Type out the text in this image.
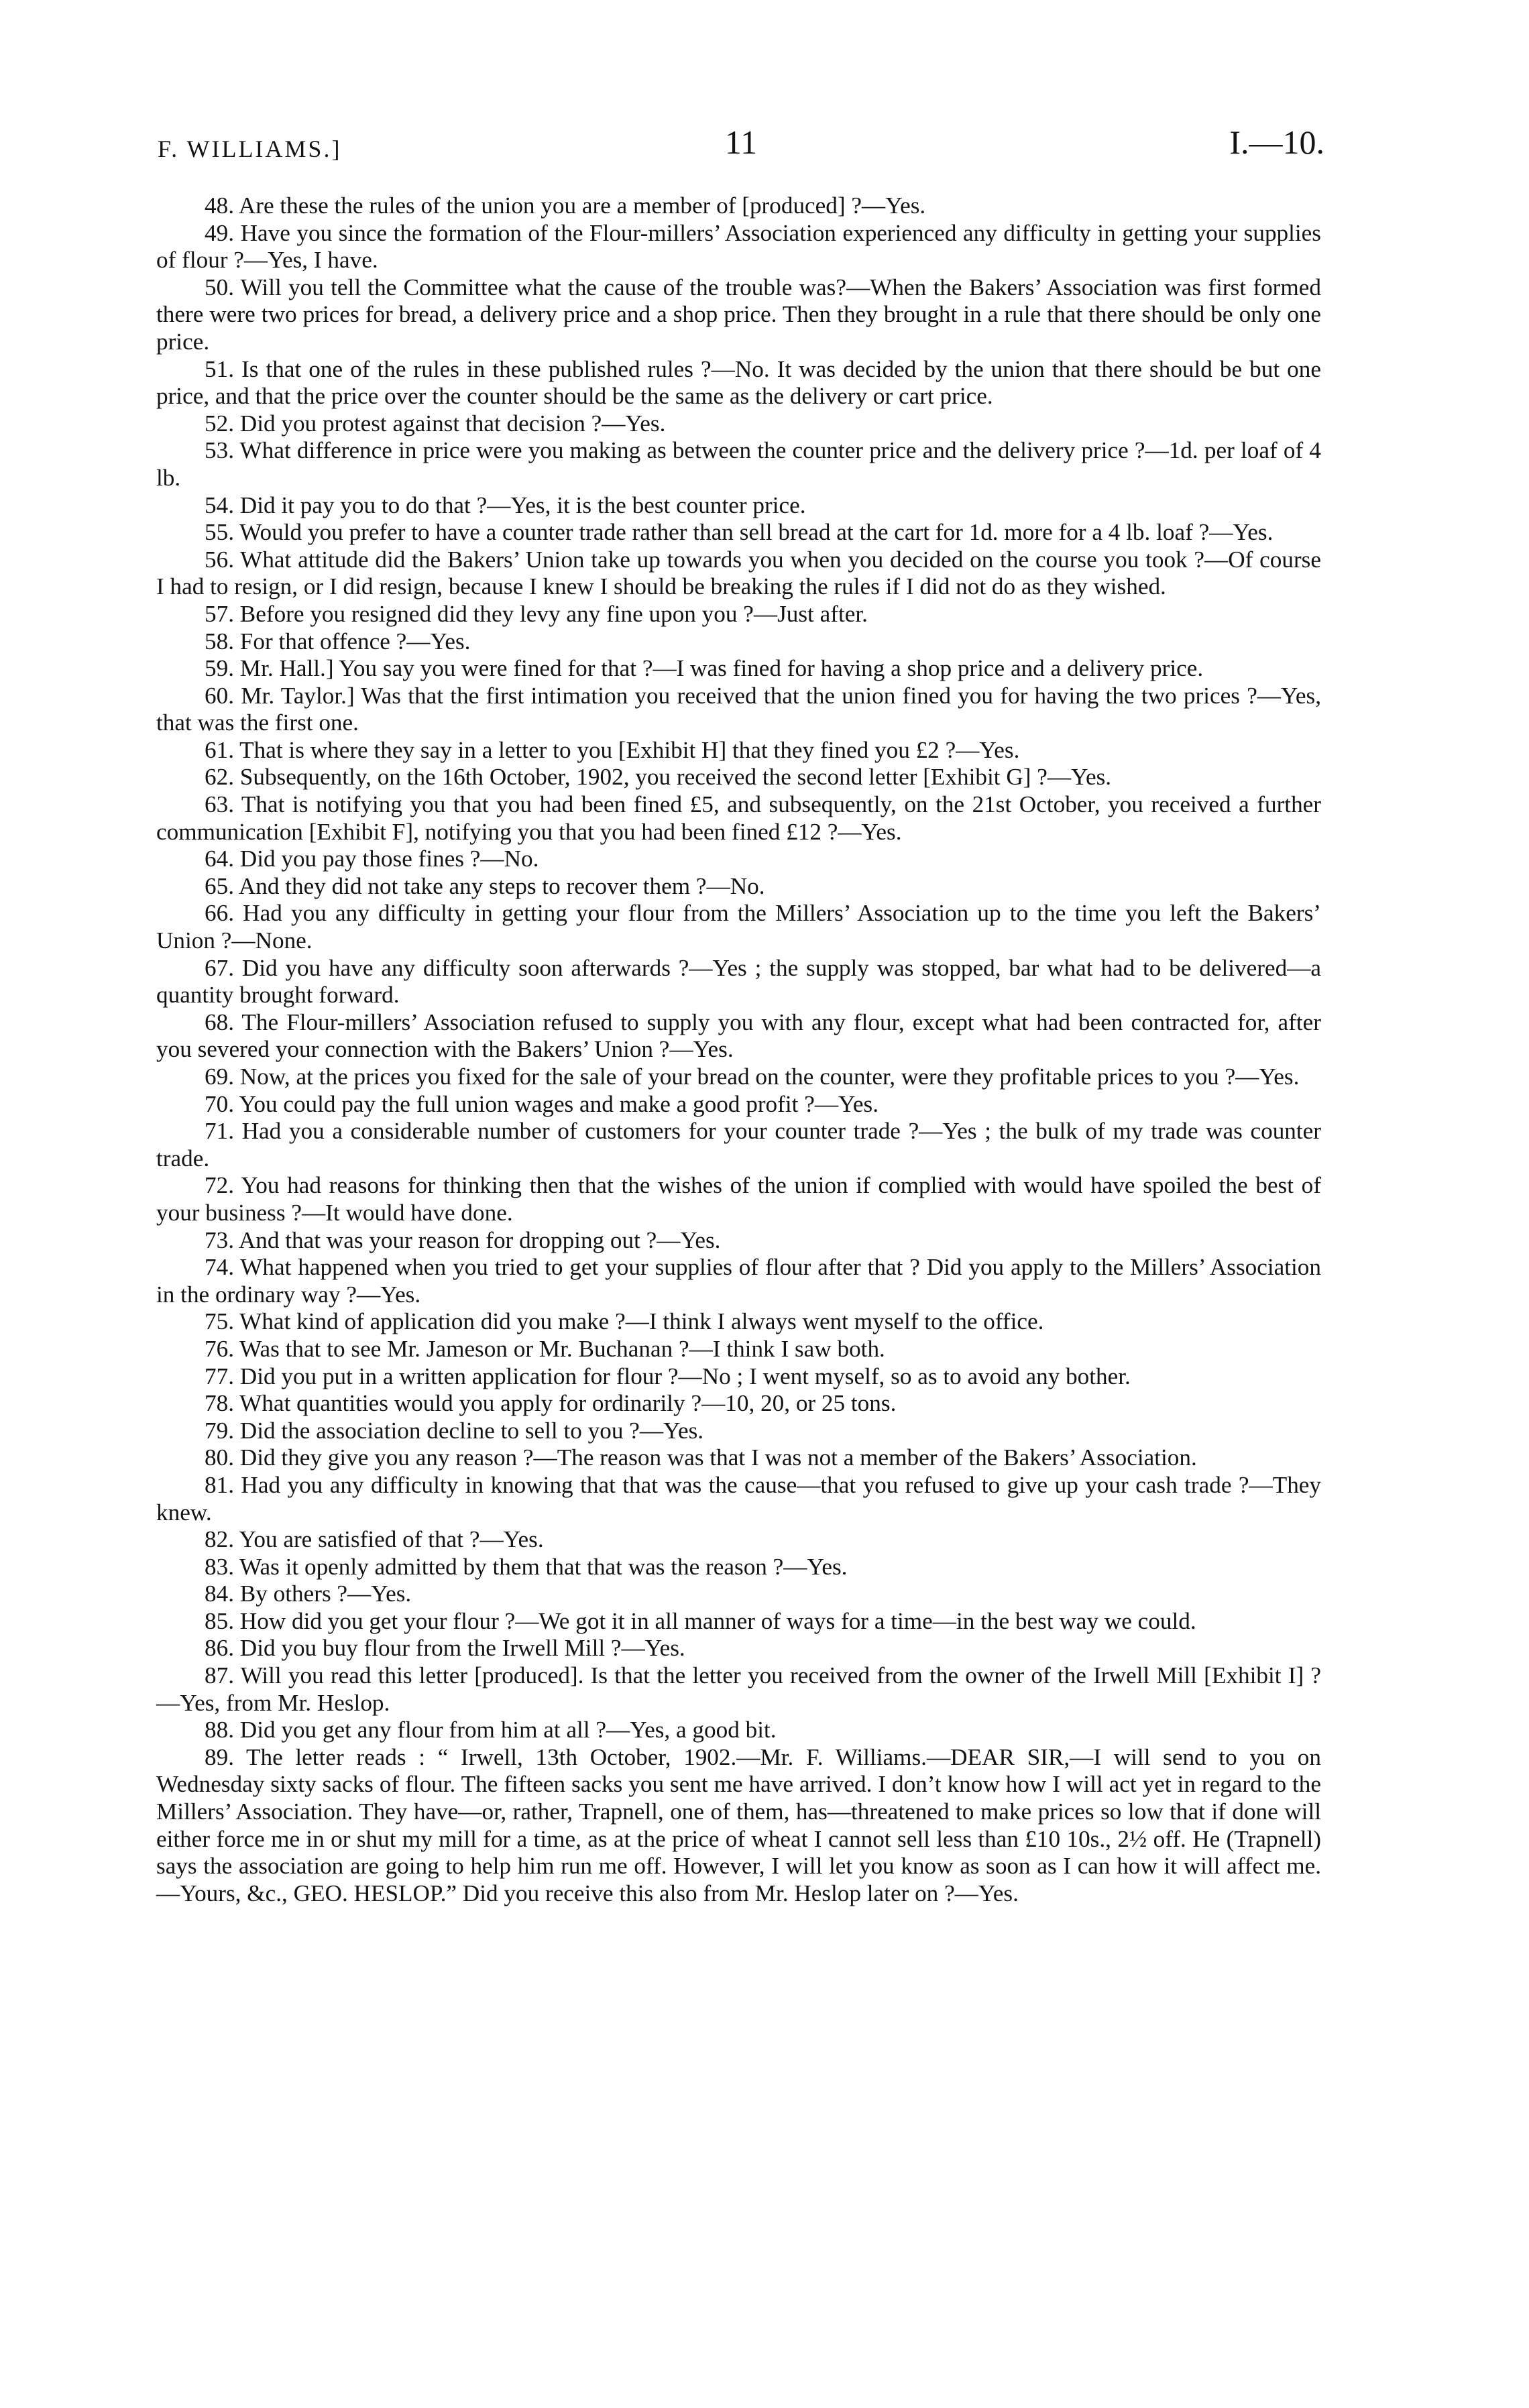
F. WILLIAMS.]	11	I.—10.

48. Are these the rules of the union you are a member of [produced] ?—Yes.

49. Have you since the formation of the Flour-millers’ Association experienced any difficulty in getting your supplies of flour ?—Yes, I have.

50. Will you tell the Committee what the cause of the trouble was?—When the Bakers’ Association was first formed there were two prices for bread, a delivery price and a shop price. Then they brought in a rule that there should be only one price.

51. Is that one of the rules in these published rules ?—No. It was decided by the union that there should be but one price, and that the price over the counter should be the same as the delivery or cart price.

52. Did you protest against that decision ?—Yes.

53. What difference in price were you making as between the counter price and the delivery price ?—1d. per loaf of 4 lb.

54. Did it pay you to do that ?—Yes, it is the best counter price.

55. Would you prefer to have a counter trade rather than sell bread at the cart for 1d. more for a 4 lb. loaf ?—Yes.

56. What attitude did the Bakers’ Union take up towards you when you decided on the course you took ?—Of course I had to resign, or I did resign, because I knew I should be breaking the rules if I did not do as they wished.

57. Before you resigned did they levy any fine upon you ?—Just after.

58. For that offence ?—Yes.

59. Mr. Hall.] You say you were fined for that ?—I was fined for having a shop price and a delivery price.

60. Mr. Taylor.] Was that the first intimation you received that the union fined you for having the two prices ?—Yes, that was the first one.

61. That is where they say in a letter to you [Exhibit H] that they fined you £2 ?—Yes.

62. Subsequently, on the 16th October, 1902, you received the second letter [Exhibit G] ?—Yes.

63. That is notifying you that you had been fined £5, and subsequently, on the 21st October, you received a further communication [Exhibit F], notifying you that you had been fined £12 ?—Yes.

64. Did you pay those fines ?—No.

65. And they did not take any steps to recover them ?—No.

66. Had you any difficulty in getting your flour from the Millers’ Association up to the time you left the Bakers’ Union ?—None.

67. Did you have any difficulty soon afterwards ?—Yes ; the supply was stopped, bar what had to be delivered—a quantity brought forward.

68. The Flour-millers’ Association refused to supply you with any flour, except what had been contracted for, after you severed your connection with the Bakers’ Union ?—Yes.

69. Now, at the prices you fixed for the sale of your bread on the counter, were they profitable prices to you ?—Yes.

70. You could pay the full union wages and make a good profit ?—Yes.

71. Had you a considerable number of customers for your counter trade ?—Yes ; the bulk of my trade was counter trade.

72. You had reasons for thinking then that the wishes of the union if complied with would have spoiled the best of your business ?—It would have done.

73. And that was your reason for dropping out ?—Yes.

74. What happened when you tried to get your supplies of flour after that ? Did you apply to the Millers’ Association in the ordinary way ?—Yes.

75. What kind of application did you make ?—I think I always went myself to the office.

76. Was that to see Mr. Jameson or Mr. Buchanan ?—I think I saw both.

77. Did you put in a written application for flour ?—No ; I went myself, so as to avoid any bother.

78. What quantities would you apply for ordinarily ?—10, 20, or 25 tons.

79. Did the association decline to sell to you ?—Yes.

80. Did they give you any reason ?—The reason was that I was not a member of the Bakers’ Association.

81. Had you any difficulty in knowing that that was the cause—that you refused to give up your cash trade ?—They knew.

82. You are satisfied of that ?—Yes.

83. Was it openly admitted by them that that was the reason ?—Yes.

84. By others ?—Yes.

85. How did you get your flour ?—We got it in all manner of ways for a time—in the best way we could.

86. Did you buy flour from the Irwell Mill ?—Yes.

87. Will you read this letter [produced]. Is that the letter you received from the owner of the Irwell Mill [Exhibit I] ?—Yes, from Mr. Heslop.

88. Did you get any flour from him at all ?—Yes, a good bit.

89. The letter reads : “ Irwell, 13th October, 1902.—Mr. F. Williams.—DEAR SIR,—I will send to you on Wednesday sixty sacks of flour. The fifteen sacks you sent me have arrived. I don’t know how I will act yet in regard to the Millers’ Association. They have—or, rather, Trapnell, one of them, has—threatened to make prices so low that if done will either force me in or shut my mill for a time, as at the price of wheat I cannot sell less than £10 10s., 2½ off. He (Trapnell) says the association are going to help him run me off. However, I will let you know as soon as I can how it will affect me.—Yours, &c., GEO. HESLOP.” Did you receive this also from Mr. Heslop later on ?—Yes.
